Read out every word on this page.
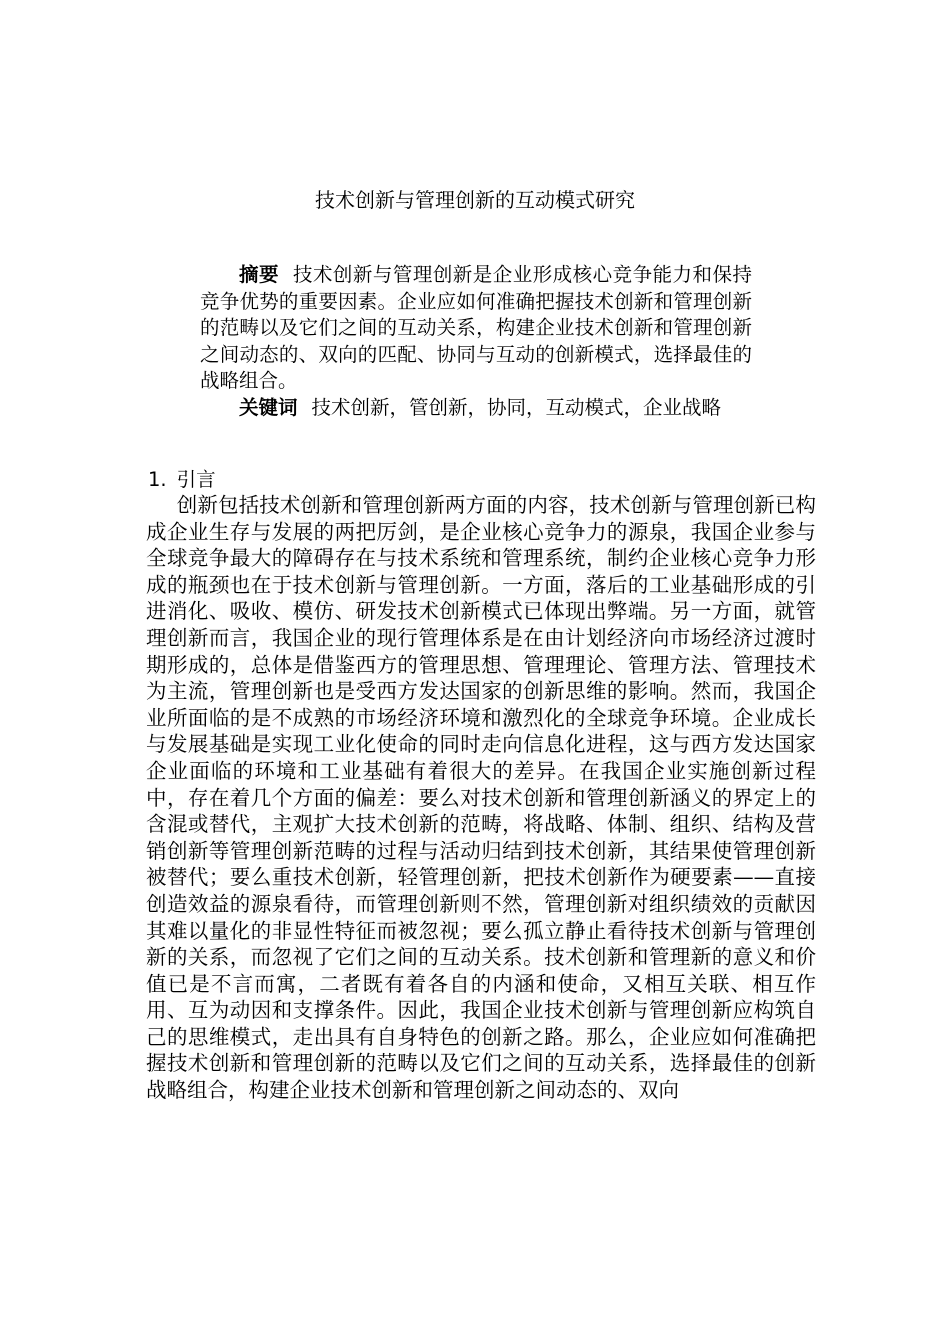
技术创新与管理创新的互动模式研究

摘要 技术创新与管理创新是企业形成核心竞争能力和保持竞争优势的重要因素。企业应如何准确把握技术创新和管理创新的范畴以及它们之间的互动关系，构建企业技术创新和管理创新之间动态的、双向的匹配、协同与互动的创新模式，选择最佳的战略组合。

关键词 技术创新，管创新，协同，互动模式，企业战略

1. 引言

创新包括技术创新和管理创新两方面的内容，技术创新与管理创新已构成企业生存与发展的两把厉剑，是企业核心竞争力的源泉，我国企业参与全球竞争最大的障碍存在与技术系统和管理系统，制约企业核心竞争力形成的瓶颈也在于技术创新与管理创新。一方面，落后的工业基础形成的引进消化、吸收、模仿、研发技术创新模式已体现出弊端。另一方面，就管理创新而言，我国企业的现行管理体系是在由计划经济向市场经济过渡时期形成的，总体是借鉴西方的管理思想、管理理论、管理方法、管理技术为主流，管理创新也是受西方发达国家的创新思维的影响。然而，我国企业所面临的是不成熟的市场经济环境和激烈化的全球竞争环境。企业成长与发展基础是实现工业化使命的同时走向信息化进程，这与西方发达国家企业面临的环境和工业基础有着很大的差异。在我国企业实施创新过程中，存在着几个方面的偏差：要么对技术创新和管理创新涵义的界定上的含混或替代，主观扩大技术创新的范畴，将战略、体制、组织、结构及营销创新等管理创新范畴的过程与活动归结到技术创新，其结果使管理创新被替代；要么重技术创新，轻管理创新，把技术创新作为硬要素——直接创造效益的源泉看待，而管理创新则不然，管理创新对组织绩效的贡献因其难以量化的非显性特征而被忽视；要么孤立静止看待技术创新与管理创新的关系，而忽视了它们之间的互动关系。技术创新和管理新的意义和价值已是不言而寓，二者既有着各自的内涵和使命，又相互关联、相互作用、互为动因和支撑条件。因此，我国企业技术创新与管理创新应构筑自己的思维模式，走出具有自身特色的创新之路。那么，企业应如何准确把握技术创新和管理创新的范畴以及它们之间的互动关系，选择最佳的创新战略组合，构建企业技术创新和管理创新之间动态的、双向
